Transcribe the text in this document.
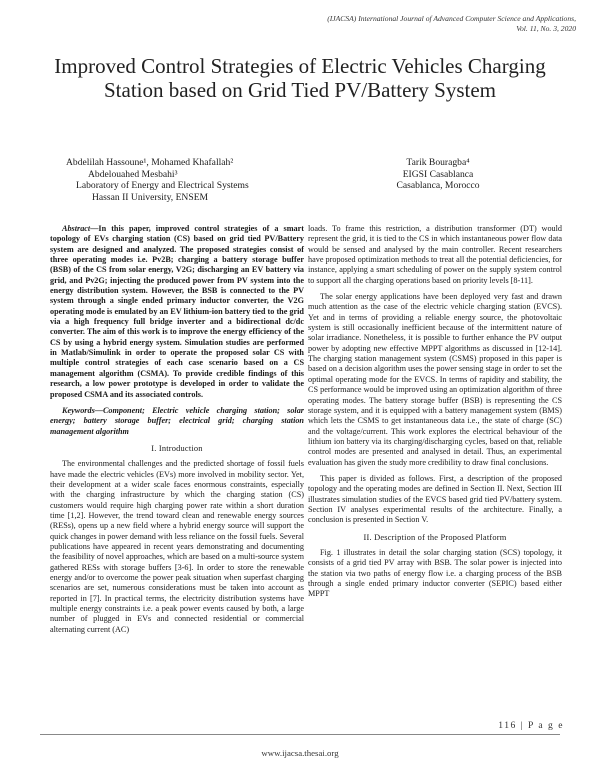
(IJACSA) International Journal of Advanced Computer Science and Applications,
Vol. 11, No. 3, 2020
Improved Control Strategies of Electric Vehicles Charging Station based on Grid Tied PV/Battery System
Abdelilah Hassoune¹, Mohamed Khafallah²
Abdelouahed Mesbahi³
Laboratory of Energy and Electrical Systems
Hassan II University, ENSEM
Tarik Bouragba⁴
EIGSI Casablanca
Casablanca, Morocco

Abstract—In this paper, improved control strategies of a smart topology of EVs charging station (CS) based on grid tied PV/Battery system are designed and analyzed. The proposed strategies consist of three operating modes i.e. Pv2B; charging a battery storage buffer (BSB) of the CS from solar energy, V2G; discharging an EV battery via grid, and Pv2G; injecting the produced power from PV system into the energy distribution system. However, the BSB is connected to the PV system through a single ended primary inductor converter, the V2G operating mode is emulated by an EV lithium-ion battery tied to the grid via a high frequency full bridge inverter and a bidirectional dc/dc converter. The aim of this work is to improve the energy efficiency of the CS by using a hybrid energy system. Simulation studies are performed in Matlab/Simulink in order to operate the proposed solar CS with multiple control strategies of each case scenario based on a CS management algorithm (CSMA). To provide credible findings of this research, a low power prototype is developed in order to validate the proposed CSMA and its associated controls.

Keywords—Component; Electric vehicle charging station; solar energy; battery storage buffer; electrical grid; charging station management algorithm

I. Introduction

The environmental challenges and the predicted shortage of fossil fuels have made the electric vehicles (EVs) more involved in mobility sector. Yet, their development at a wider scale faces enormous constraints, especially with the charging infrastructure by which the charging station (CS) customers would require high charging power rate within a short duration time [1,2]. However, the trend toward clean and renewable energy sources (RESs), opens up a new field where a hybrid energy source will support the quick changes in power demand with less reliance on the fossil fuels. Several publications have appeared in recent years demonstrating and documenting the feasibility of novel approaches, which are based on a multi-source system gathered RESs with storage buffers [3-6]. In order to store the renewable energy and/or to overcome the power peak situation when superfast charging scenarios are set, numerous considerations must be taken into account as reported in [7]. In practical terms, the electricity distribution systems have multiple energy constraints i.e. a peak power events caused by both, a large number of plugged in EVs and connected residential or commercial alternating current (AC)

loads. To frame this restriction, a distribution transformer (DT) would represent the grid, it is tied to the CS in which instantaneous power flow data would be sensed and analysed by the main controller. Recent researchers have proposed optimization methods to treat all the potential deficiencies, for instance, applying a smart scheduling of power on the supply system control to support all the charging operations based on priority levels [8-11].

The solar energy applications have been deployed very fast and drawn much attention as the case of the electric vehicle charging station (EVCS). Yet and in terms of providing a reliable energy source, the photovoltaic system is still occasionally inefficient because of the intermittent nature of solar irradiance. Nonetheless, it is possible to further enhance the PV output power by adopting new effective MPPT algorithms as discussed in [12-14]. The charging station management system (CSMS) proposed in this paper is based on a decision algorithm uses the power sensing stage in order to set the optimal operating mode for the EVCS. In terms of rapidity and stability, the CS performance would be improved using an optimization algorithm of three operating modes. The battery storage buffer (BSB) is representing the CS storage system, and it is equipped with a battery management system (BMS) which lets the CSMS to get instantaneous data i.e., the state of charge (SC) and the voltage/current. This work explores the electrical behaviour of the lithium ion battery via its charging/discharging cycles, based on that, reliable control modes are presented and analysed in detail. Thus, an experimental evaluation has given the study more credibility to draw final conclusions.

This paper is divided as follows. First, a description of the proposed topology and the operating modes are defined in Section II. Next, Section III illustrates simulation studies of the EVCS based grid tied PV/battery system. Section IV analyses experimental results of the architecture. Finally, a conclusion is presented in Section V.

II. Description of the Proposed Platform

Fig. 1 illustrates in detail the solar charging station (SCS) topology, it consists of a grid tied PV array with BSB. The solar power is injected into the station via two paths of energy flow i.e. a charging process of the BSB through a single ended primary inductor converter (SEPIC) based either MPPT

116 | P a g e
www.ijacsa.thesai.org
